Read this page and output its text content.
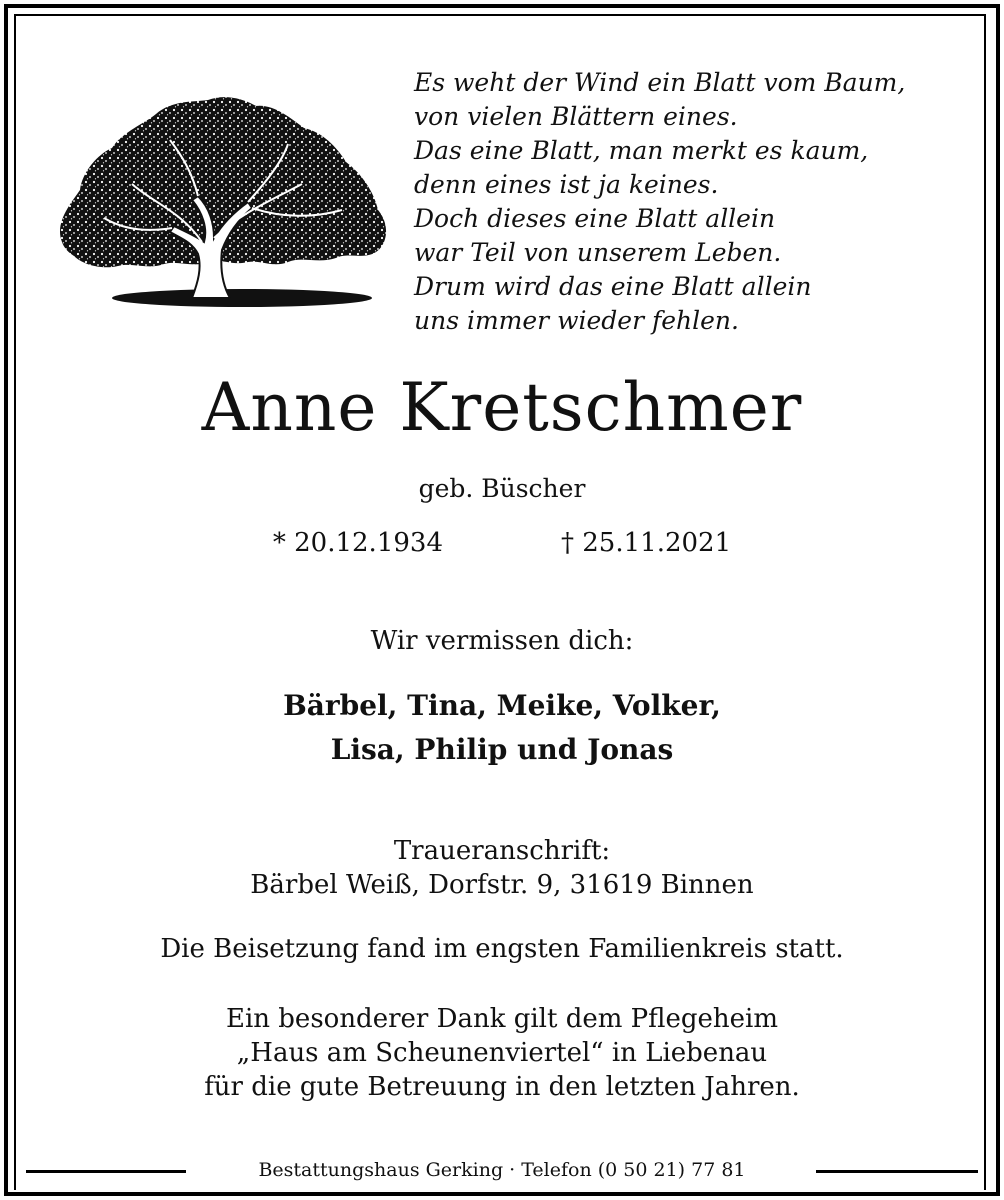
Es weht der Wind ein Blatt vom Baum,
von vielen Blättern eines.
Das eine Blatt, man merkt es kaum,
denn eines ist ja keines.
Doch dieses eine Blatt allein
war Teil von unserem Leben.
Drum wird das eine Blatt allein
uns immer wieder fehlen.
Anne Kretschmer
geb. Büscher
* 20.12.1934	† 25.11.2021
Wir vermissen dich:
Bärbel, Tina, Meike, Volker,
Lisa, Philip und Jonas
Traueranschrift:
Bärbel Weiß, Dorfstr. 9, 31619 Binnen
Die Beisetzung fand im engsten Familienkreis statt.
Ein besonderer Dank gilt dem Pflegeheim
„Haus am Scheunenviertel“ in Liebenau
für die gute Betreuung in den letzten Jahren.
Bestattungshaus Gerking · Telefon (0 50 21) 77 81
